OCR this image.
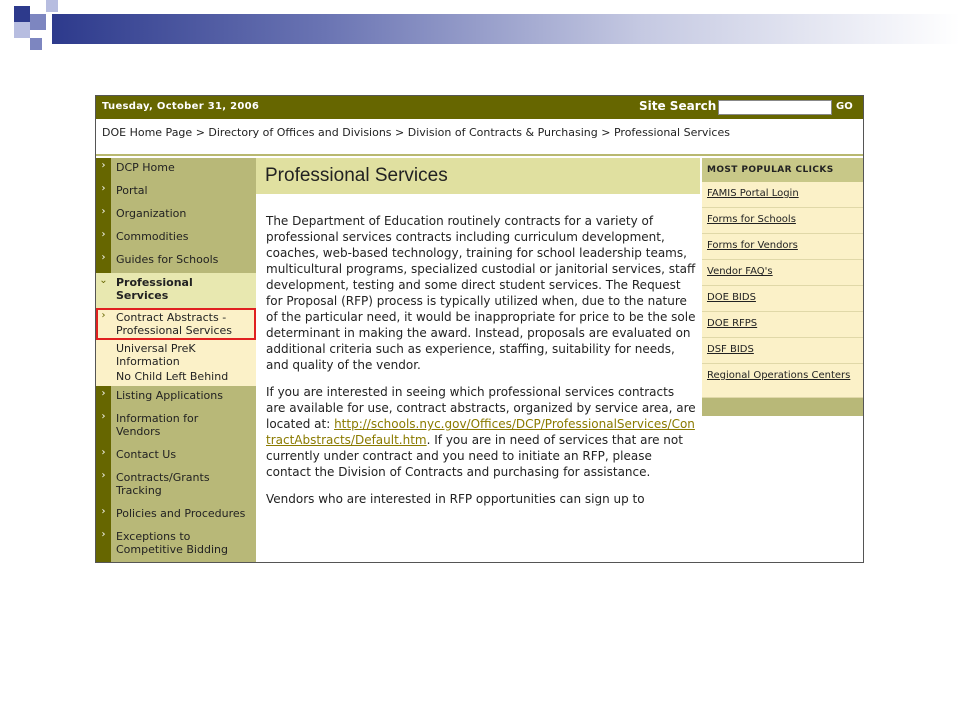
Tuesday, October 31, 2006	Site Search	GO
DOE Home Page > Directory of Offices and Divisions > Division of Contracts & Purchasing > Professional Services
› DCP Home
› Portal
› Organization
› Commodities
› Guides for Schools
⌄ Professional Services
› Contract Abstracts - Professional Services
Universal PreK Information
No Child Left Behind
› Listing Applications
› Information for Vendors
› Contact Us
› Contracts/Grants Tracking
› Policies and Procedures
› Exceptions to Competitive Bidding
Professional Services

The Department of Education routinely contracts for a variety of professional services contracts including curriculum development, coaches, web-based technology, training for school leadership teams, multicultural programs, specialized custodial or janitorial services, staff development, testing and some direct student services. The Request for Proposal (RFP) process is typically utilized when, due to the nature of the particular need, it would be inappropriate for price to be the sole determinant in making the award. Instead, proposals are evaluated on additional criteria such as experience, staffing, suitability for needs, and quality of the vendor.

If you are interested in seeing which professional services contracts are available for use, contract abstracts, organized by service area, are located at: http://schools.nyc.gov/Offices/DCP/ProfessionalServices/ContractAbstracts/Default.htm. If you are in need of services that are not currently under contract and you need to initiate an RFP, please contact the Division of Contracts and purchasing for assistance.

Vendors who are interested in RFP opportunities can sign up to

MOST POPULAR CLICKS
FAMIS Portal Login
Forms for Schools
Forms for Vendors
Vendor FAQ's
DOE BIDS
DOE RFPS
DSF BIDS
Regional Operations Centers
